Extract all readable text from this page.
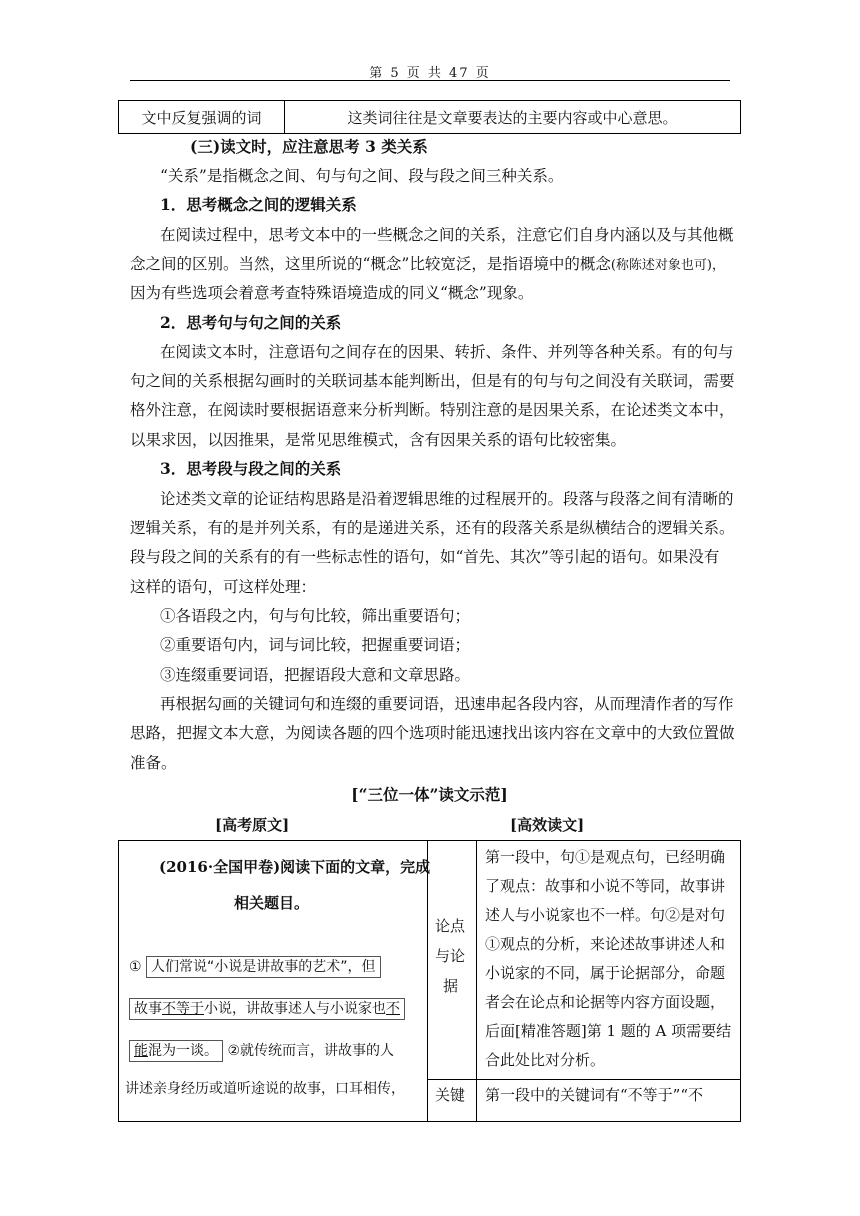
第 5 页 共 47 页
文中反复强调的词	这类词往往是文章要表达的主要内容或中心意思。
(三)读文时，应注意思考 3 类关系
“关系”是指概念之间、句与句之间、段与段之间三种关系。
1．思考概念之间的逻辑关系
在阅读过程中，思考文本中的一些概念之间的关系，注意它们自身内涵以及与其他概
念之间的区别。当然，这里所说的“概念”比较宽泛，是指语境中的概念(称陈述对象也可)，
因为有些选项会着意考查特殊语境造成的同义“概念”现象。
2．思考句与句之间的关系
在阅读文本时，注意语句之间存在的因果、转折、条件、并列等各种关系。有的句与
句之间的关系根据勾画时的关联词基本能判断出，但是有的句与句之间没有关联词，需要
格外注意，在阅读时要根据语意来分析判断。特别注意的是因果关系，在论述类文本中，
以果求因，以因推果，是常见思维模式，含有因果关系的语句比较密集。
3．思考段与段之间的关系
论述类文章的论证结构思路是沿着逻辑思维的过程展开的。段落与段落之间有清晰的
逻辑关系，有的是并列关系，有的是递进关系，还有的段落关系是纵横结合的逻辑关系。
段与段之间的关系有的有一些标志性的语句，如“首先、其次”等引起的语句。如果没有
这样的语句，可这样处理：
①各语段之内，句与句比较，筛出重要语句；
②重要语句内，词与词比较，把握重要词语；
③连缀重要词语，把握语段大意和文章思路。
再根据勾画的关键词句和连缀的重要词语，迅速串起各段内容，从而理清作者的写作
思路，把握文本大意，为阅读各题的四个选项时能迅速找出该内容在文章中的大致位置做
准备。
[“三位一体”读文示范]
[高考原文]	[高效读文]
(2016·全国甲卷)阅读下面的文章，完成
相关题目。
① 人们常说“小说是讲故事的艺术”，但
故事不等于小说，讲故事述人与小说家也不
能混为一谈。 ②就传统而言，讲故事的人
讲述亲身经历或道听途说的故事，口耳相传，
论点
与论
据
第一段中，句①是观点句，已经明确
了观点：故事和小说不等同，故事讲
述人与小说家也不一样。句②是对句
①观点的分析，来论述故事讲述人和
小说家的不同，属于论据部分，命题
者会在论点和论据等内容方面设题，
后面[精准答题]第 1 题的 A 项需要结
合此处比对分析。
关键 第一段中的关键词有“不等于”“不
